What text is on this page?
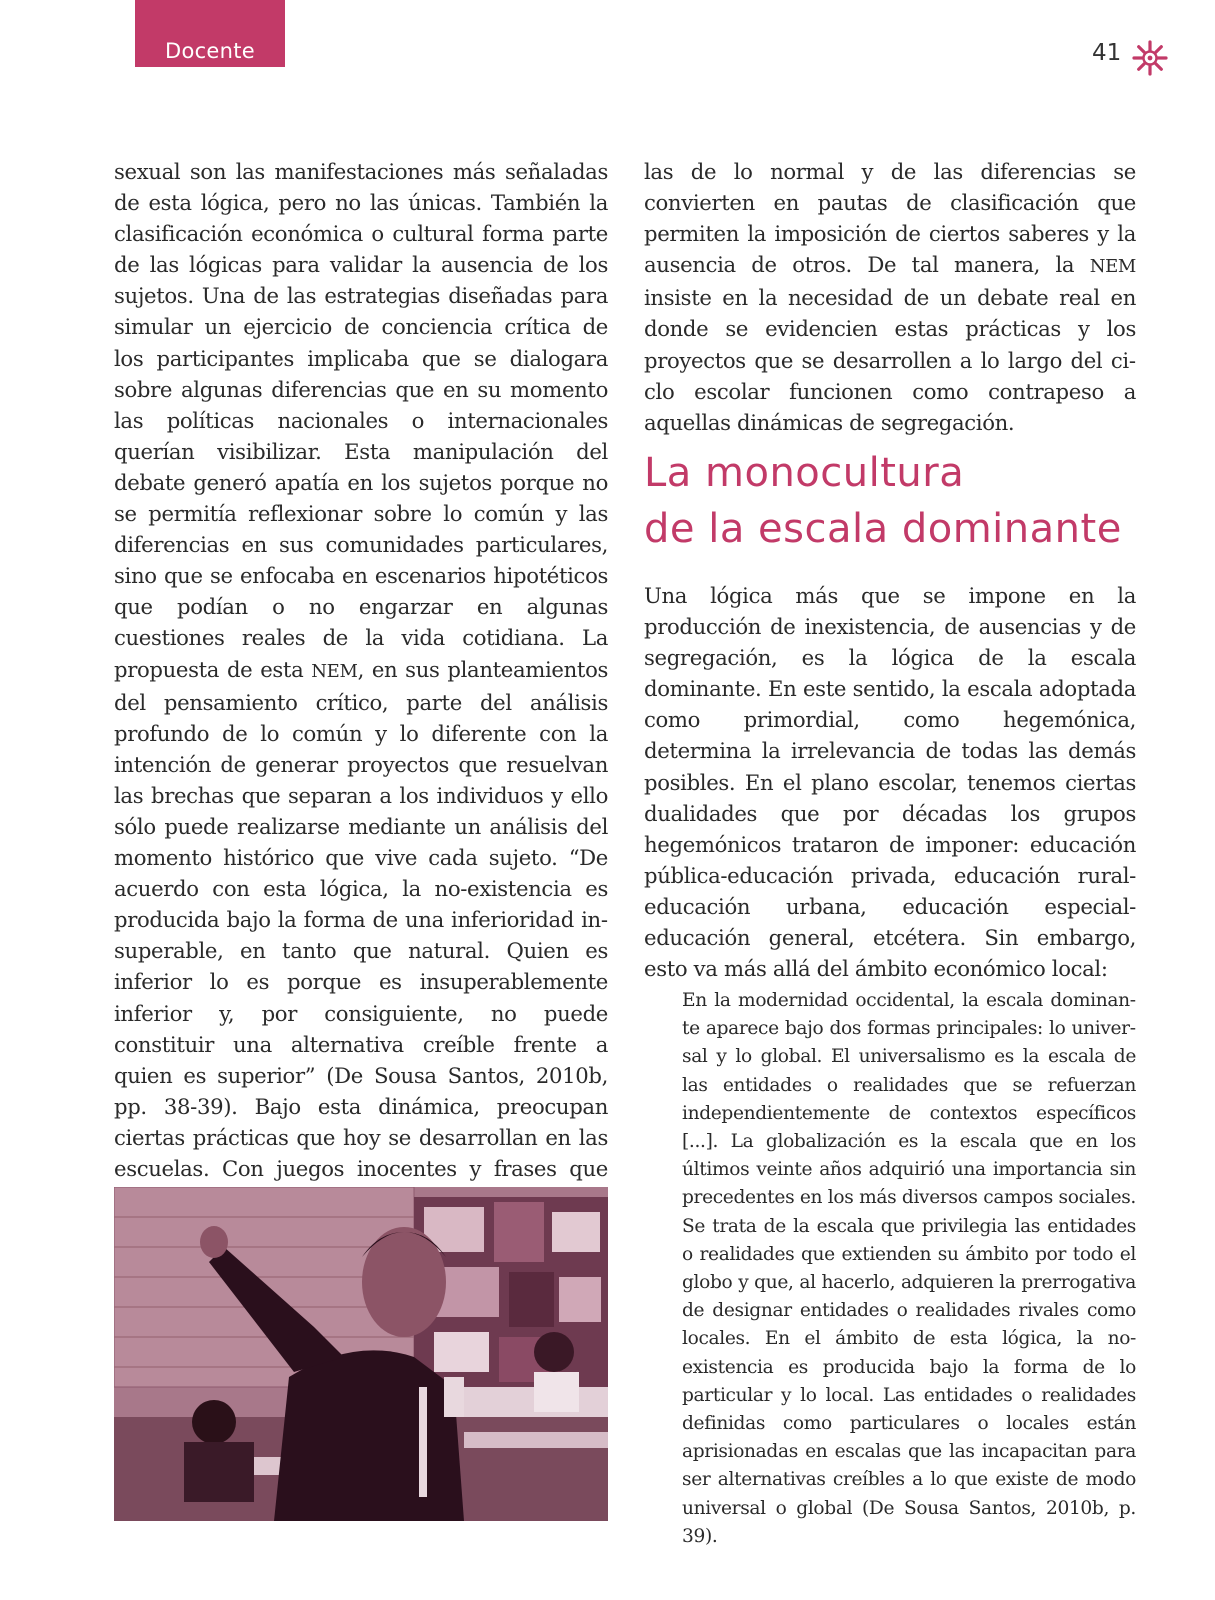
Docente	41

sexual son las manifestaciones más señaladas de esta lógica, pero no las únicas. También la clasificación económica o cultural forma parte de las lógicas para validar la ausencia de los sujetos. Una de las estrategias diseñadas para simular un ejercicio de conciencia crítica de los participantes implicaba que se dialogara sobre algunas diferencias que en su momento las políticas nacionales o internacionales querían visibilizar. Esta manipulación del debate generó apatía en los sujetos porque no se permitía reflexionar sobre lo común y las diferencias en sus comunidades particulares, sino que se enfocaba en escenarios hipotéticos que podían o no engarzar en algunas cuestiones reales de la vida cotidiana. La propuesta de esta NEM, en sus planteamientos del pensamiento crítico, parte del análisis profundo de lo común y lo diferente con la intención de generar proyectos que resuelvan las brechas que separan a los individuos y ello sólo puede realizarse mediante un análisis del momento histórico que vive cada sujeto. “De acuerdo con esta lógica, la no-existencia es producida bajo la forma de una inferioridad insuperable, en tanto que natural. Quien es inferior lo es porque es insuperablemente inferior y, por consiguiente, no puede constituir una alternativa creíble frente a quien es superior” (De Sousa Santos, 2010b, pp. 38-39). Bajo esta dinámica, preocupan ciertas prácticas que hoy se desarrollan en las escuelas. Con juegos inocentes y frases que

las de lo normal y de las diferencias se convierten en pautas de clasificación que permiten la imposición de ciertos saberes y la ausencia de otros. De tal manera, la NEM insiste en la necesidad de un debate real en donde se evidencien estas prácticas y los proyectos que se desarrollen a lo largo del ciclo escolar funcionen como contrapeso a aquellas dinámicas de segregación.

La monocultura
de la escala dominante

Una lógica más que se impone en la producción de inexistencia, de ausencias y de segregación, es la lógica de la escala dominante. En este sentido, la escala adoptada como primordial, como hegemónica, determina la irrelevancia de todas las demás posibles. En el plano escolar, tenemos ciertas dualidades que por décadas los grupos hegemónicos trataron de imponer: educación pública-educación privada, educación rural-educación urbana, educación especial-educación general, etcétera. Sin embargo, esto va más allá del ámbito económico local:

En la modernidad occidental, la escala dominante aparece bajo dos formas principales: lo universal y lo global. El universalismo es la escala de las entidades o realidades que se refuerzan independientemente de contextos específicos [...]. La globalización es la escala que en los últimos veinte años adquirió una importancia sin precedentes en los más diversos campos sociales. Se trata de la escala que privilegia las entidades o realidades que extienden su ámbito por todo el globo y que, al hacerlo, adquieren la prerrogativa de designar entidades o realidades rivales como locales. En el ámbito de esta lógica, la no-existencia es producida bajo la forma de lo particular y lo local. Las entidades o realidades definidas como particulares o locales están aprisionadas en escalas que las incapacitan para ser alternativas creíbles a lo que existe de modo universal o global (De Sousa Santos, 2010b, p. 39).
